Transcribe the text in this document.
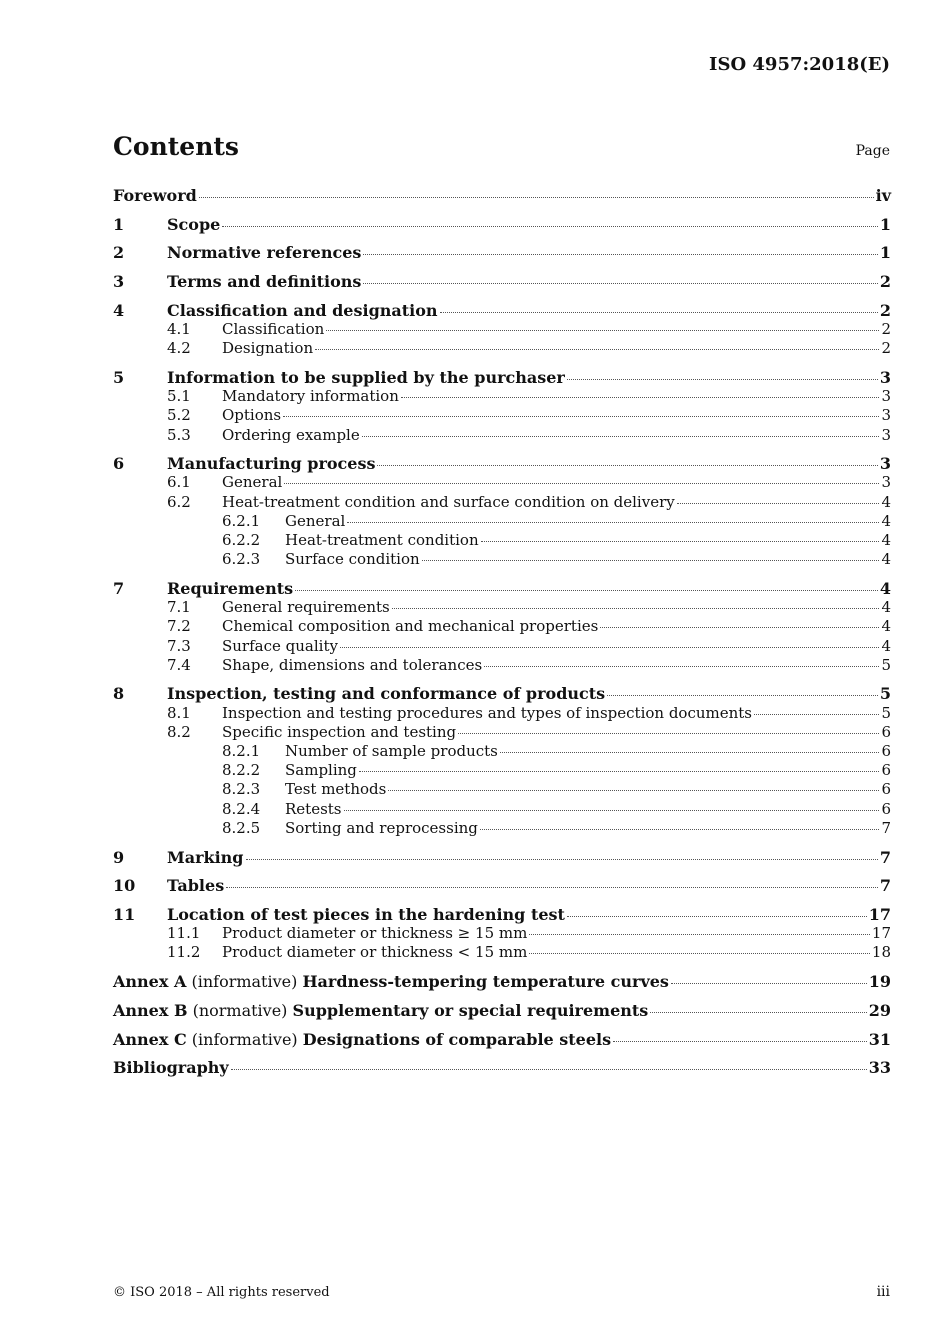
ISO 4957:2018(E)
Contents	Page
Foreword	iv
1	Scope	1
2	Normative references	1
3	Terms and definitions	2
4	Classification and designation	2
4.1	Classification	2
4.2	Designation	2
5	Information to be supplied by the purchaser	3
5.1	Mandatory information	3
5.2	Options	3
5.3	Ordering example	3
6	Manufacturing process	3
6.1	General	3
6.2	Heat-treatment condition and surface condition on delivery	4
6.2.1	General	4
6.2.2	Heat-treatment condition	4
6.2.3	Surface condition	4
7	Requirements	4
7.1	General requirements	4
7.2	Chemical composition and mechanical properties	4
7.3	Surface quality	4
7.4	Shape, dimensions and tolerances	5
8	Inspection, testing and conformance of products	5
8.1	Inspection and testing procedures and types of inspection documents	5
8.2	Specific inspection and testing	6
8.2.1	Number of sample products	6
8.2.2	Sampling	6
8.2.3	Test methods	6
8.2.4	Retests	6
8.2.5	Sorting and reprocessing	7
9	Marking	7
10	Tables	7
11	Location of test pieces in the hardening test	17
11.1	Product diameter or thickness ≥ 15 mm	17
11.2	Product diameter or thickness < 15 mm	18
Annex A (informative) Hardness-tempering temperature curves	19
Annex B (normative) Supplementary or special requirements	29
Annex C (informative) Designations of comparable steels	31
Bibliography	33
© ISO 2018 – All rights reserved	iii
